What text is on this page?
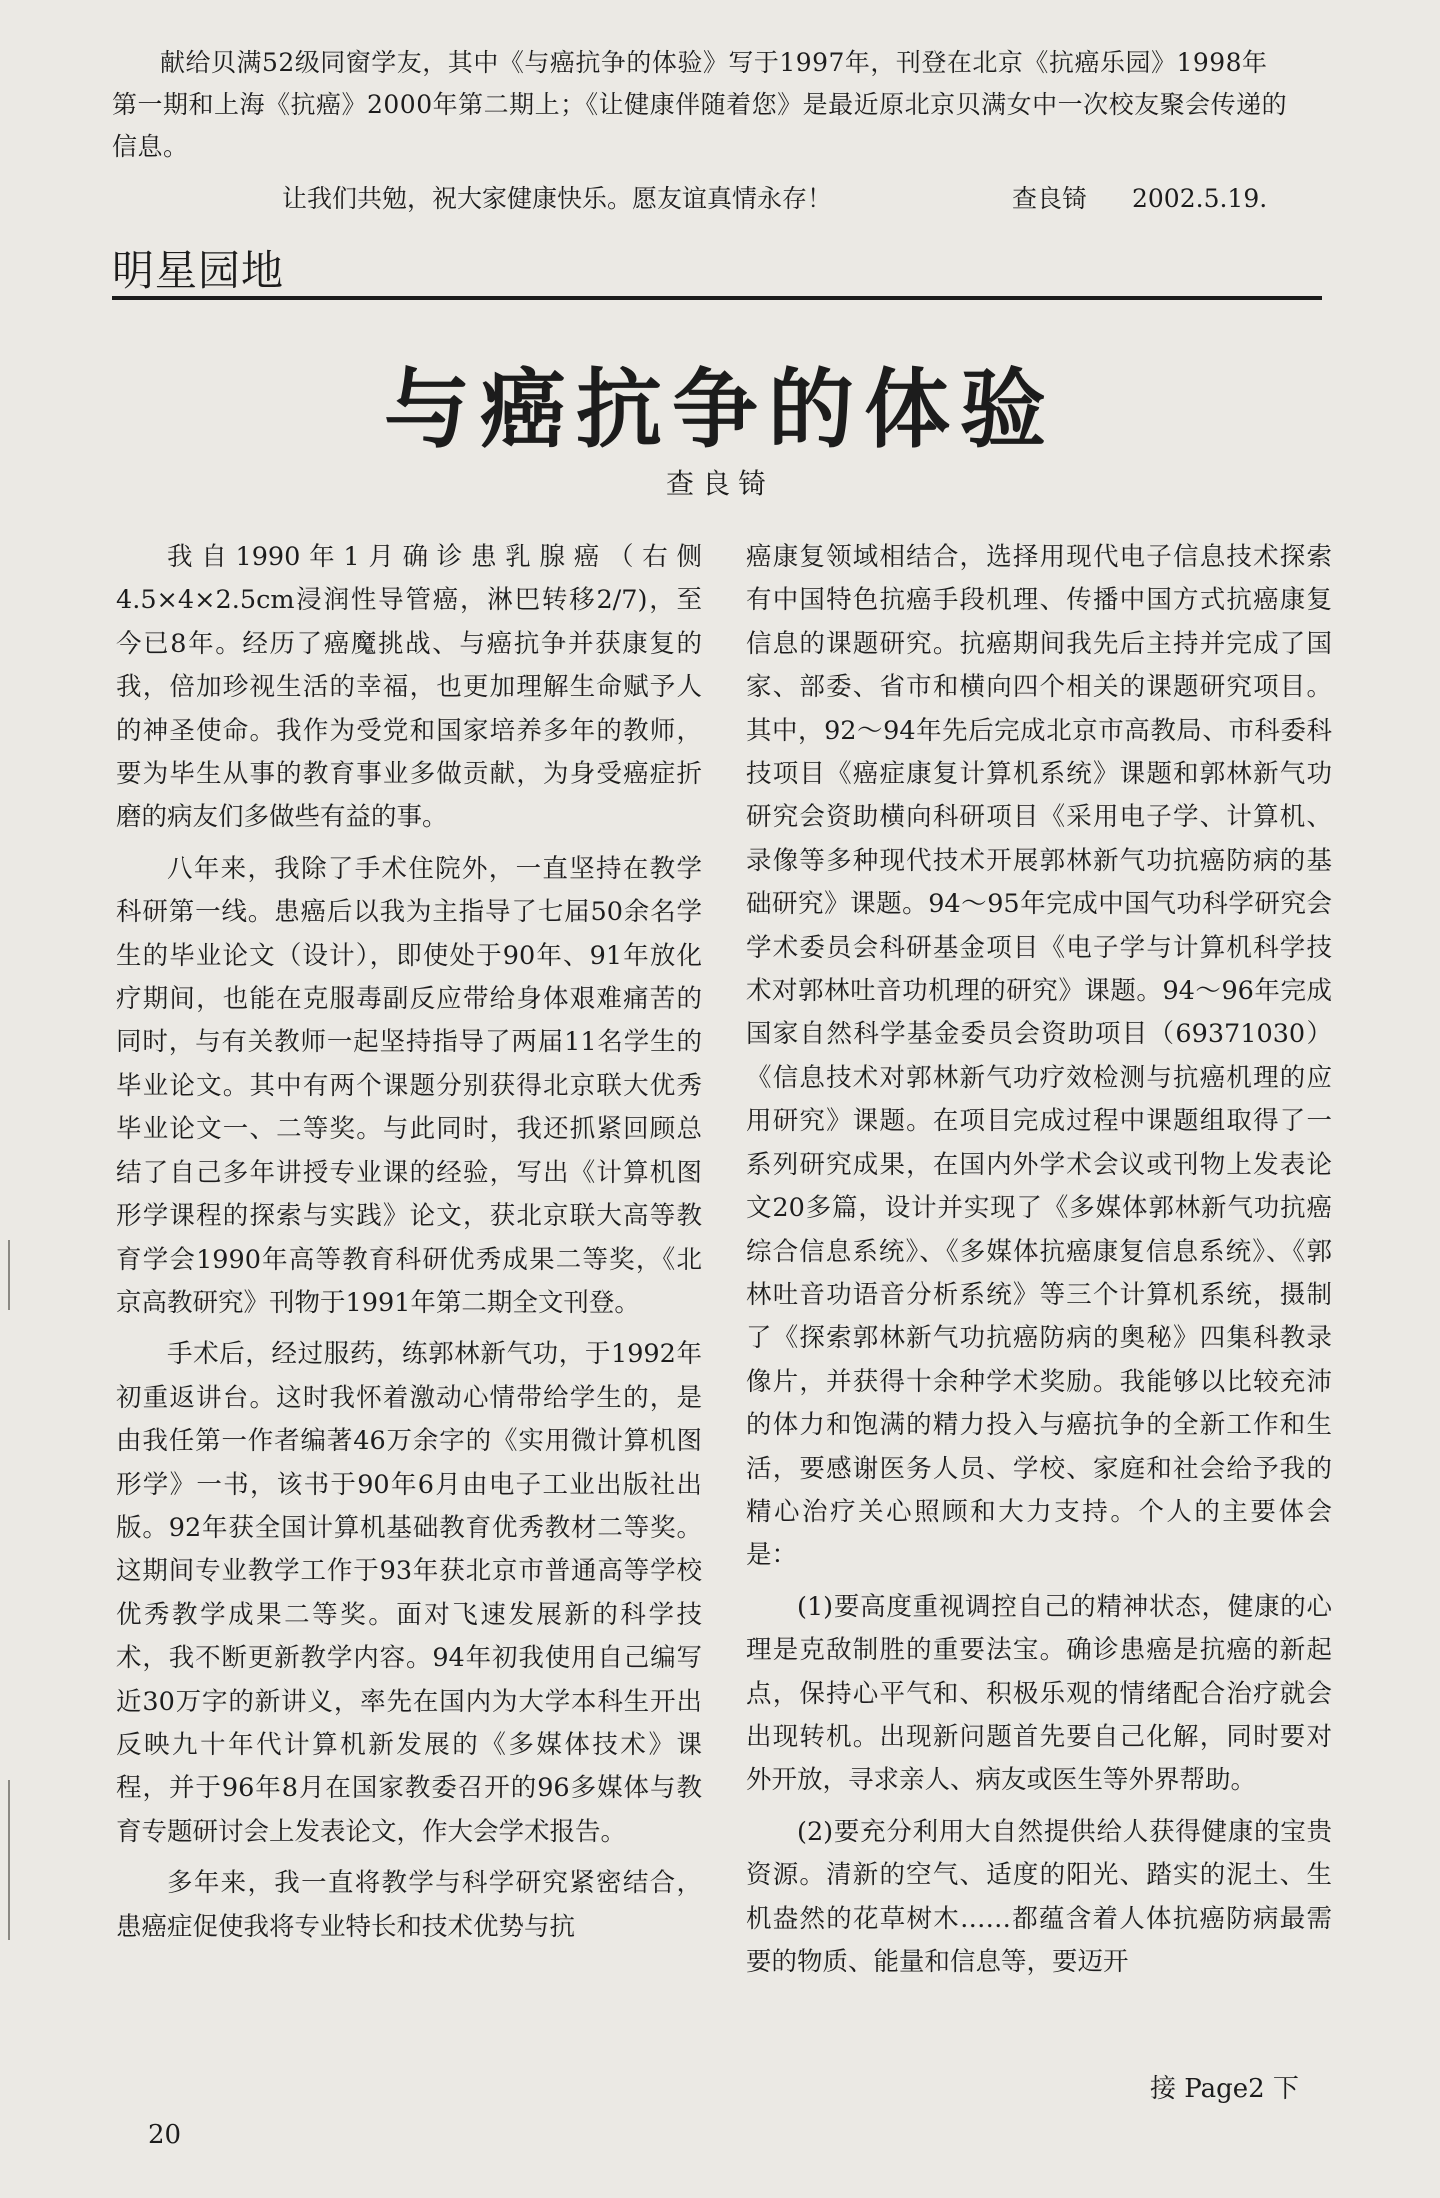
献给贝满52级同窗学友，其中《与癌抗争的体验》写于1997年，刊登在北京《抗癌乐园》1998年第一期和上海《抗癌》2000年第二期上；《让健康伴随着您》是最近原北京贝满女中一次校友聚会传递的信息。

让我们共勉，祝大家健康快乐。愿友谊真情永存！	查良锜 2002.5.19.
明星园地
与癌抗争的体验
查良锜

我自1990年1月确诊患乳腺癌（右侧4.5×4×2.5cm浸润性导管癌，淋巴转移2/7)，至今已8年。经历了癌魔挑战、与癌抗争并获康复的我，倍加珍视生活的幸福，也更加理解生命赋予人的神圣使命。我作为受党和国家培养多年的教师，要为毕生从事的教育事业多做贡献，为身受癌症折磨的病友们多做些有益的事。

八年来，我除了手术住院外，一直坚持在教学科研第一线。患癌后以我为主指导了七届50余名学生的毕业论文（设计），即使处于90年、91年放化疗期间，也能在克服毒副反应带给身体艰难痛苦的同时，与有关教师一起坚持指导了两届11名学生的毕业论文。其中有两个课题分别获得北京联大优秀毕业论文一、二等奖。与此同时，我还抓紧回顾总结了自己多年讲授专业课的经验，写出《计算机图形学课程的探索与实践》论文，获北京联大高等教育学会1990年高等教育科研优秀成果二等奖，《北京高教研究》刊物于1991年第二期全文刊登。

手术后，经过服药，练郭林新气功，于1992年初重返讲台。这时我怀着激动心情带给学生的，是由我任第一作者编著46万余字的《实用微计算机图形学》一书，该书于90年6月由电子工业出版社出版。92年获全国计算机基础教育优秀教材二等奖。这期间专业教学工作于93年获北京市普通高等学校优秀教学成果二等奖。面对飞速发展新的科学技术，我不断更新教学内容。94年初我使用自己编写近30万字的新讲义，率先在国内为大学本科生开出反映九十年代计算机新发展的《多媒体技术》课程，并于96年8月在国家教委召开的96多媒体与教育专题研讨会上发表论文，作大会学术报告。

多年来，我一直将教学与科学研究紧密结合，患癌症促使我将专业特长和技术优势与抗

癌康复领域相结合，选择用现代电子信息技术探索有中国特色抗癌手段机理、传播中国方式抗癌康复信息的课题研究。抗癌期间我先后主持并完成了国家、部委、省市和横向四个相关的课题研究项目。其中，92～94年先后完成北京市高教局、市科委科技项目《癌症康复计算机系统》课题和郭林新气功研究会资助横向科研项目《采用电子学、计算机、录像等多种现代技术开展郭林新气功抗癌防病的基础研究》课题。94～95年完成中国气功科学研究会学术委员会科研基金项目《电子学与计算机科学技术对郭林吐音功机理的研究》课题。94～96年完成国家自然科学基金委员会资助项目（69371030）《信息技术对郭林新气功疗效检测与抗癌机理的应用研究》课题。在项目完成过程中课题组取得了一系列研究成果，在国内外学术会议或刊物上发表论文20多篇，设计并实现了《多媒体郭林新气功抗癌综合信息系统》、《多媒体抗癌康复信息系统》、《郭林吐音功语音分析系统》等三个计算机系统，摄制了《探索郭林新气功抗癌防病的奥秘》四集科教录像片，并获得十余种学术奖励。我能够以比较充沛的体力和饱满的精力投入与癌抗争的全新工作和生活，要感谢医务人员、学校、家庭和社会给予我的精心治疗关心照顾和大力支持。个人的主要体会是：

(1)要高度重视调控自己的精神状态，健康的心理是克敌制胜的重要法宝。确诊患癌是抗癌的新起点，保持心平气和、积极乐观的情绪配合治疗就会出现转机。出现新问题首先要自己化解，同时要对外开放，寻求亲人、病友或医生等外界帮助。

(2)要充分利用大自然提供给人获得健康的宝贵资源。清新的空气、适度的阳光、踏实的泥土、生机盎然的花草树木……都蕴含着人体抗癌防病最需要的物质、能量和信息等，要迈开

接 Page2 下
20
